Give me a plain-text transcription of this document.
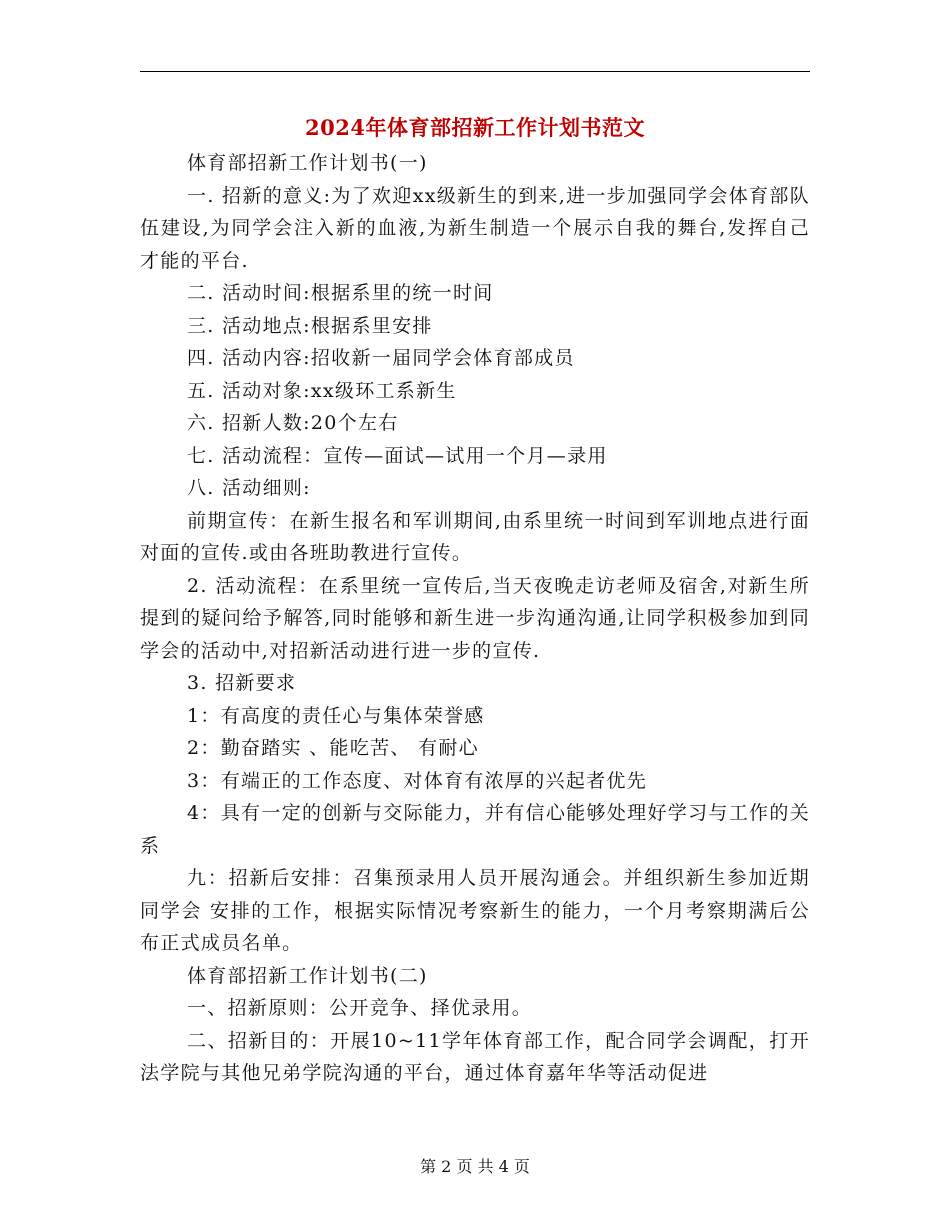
2024年体育部招新工作计划书范文

体育部招新工作计划书(一)

一. 招新的意义:为了欢迎xx级新生的到来,进一步加强同学会体育部队伍建设,为同学会注入新的血液,为新生制造一个展示自我的舞台,发挥自己才能的平台.

二. 活动时间:根据系里的统一时间

三. 活动地点:根据系里安排

四. 活动内容:招收新一届同学会体育部成员

五. 活动对象:xx级环工系新生

六. 招新人数:20个左右

七. 活动流程：宣传—面试—试用一个月—录用

八. 活动细则:

前期宣传：在新生报名和军训期间,由系里统一时间到军训地点进行面对面的宣传.或由各班助教进行宣传。

2. 活动流程：在系里统一宣传后,当天夜晚走访老师及宿舍,对新生所提到的疑问给予解答,同时能够和新生进一步沟通沟通,让同学积极参加到同学会的活动中,对招新活动进行进一步的宣传.

3. 招新要求

1：有高度的责任心与集体荣誉感

2：勤奋踏实 、能吃苦、 有耐心

3：有端正的工作态度、对体育有浓厚的兴起者优先

4：具有一定的创新与交际能力，并有信心能够处理好学习与工作的关系

九：招新后安排：召集预录用人员开展沟通会。并组织新生参加近期同学会 安排的工作，根据实际情况考察新生的能力，一个月考察期满后公布正式成员名单。

体育部招新工作计划书(二)

一、招新原则：公开竞争、择优录用。

二、招新目的：开展10~11学年体育部工作，配合同学会调配，打开法学院与其他兄弟学院沟通的平台，通过体育嘉年华等活动促进

第 2 页 共 4 页
